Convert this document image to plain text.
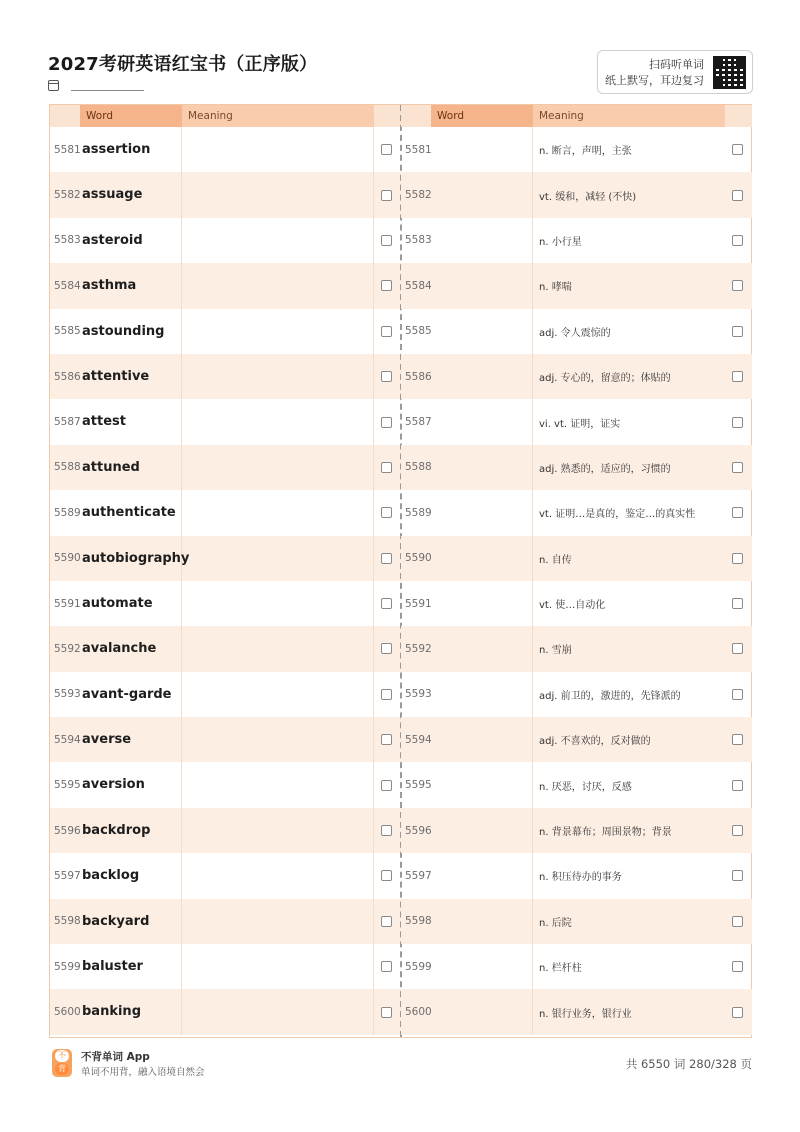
2027考研英语红宝书（正序版）	扫码听单词
纸上默写，耳边复习
Word	Meaning
5581 assertion
5582 assuage
5583 asteroid
5584 asthma
5585 astounding
5586 attentive
5587 attest
5588 attuned
5589 authenticate
5590 autobiography
5591 automate
5592 avalanche
5593 avant-garde
5594 averse
5595 aversion
5596 backdrop
5597 backlog
5598 backyard
5599 baluster
5600 banking
Word	Meaning
5581	n. 断言，声明，主张
5582	vt. 缓和，减轻 (不快)
5583	n. 小行星
5584	n. 哮喘
5585	adj. 令人震惊的
5586	adj. 专心的，留意的；体贴的
5587	vi. vt. 证明，证实
5588	adj. 熟悉的，适应的，习惯的
5589	vt. 证明…是真的，鉴定…的真实性
5590	n. 自传
5591	vt. 使…自动化
5592	n. 雪崩
5593	adj. 前卫的，激进的，先锋派的
5594	adj. 不喜欢的，反对做的
5595	n. 厌恶，讨厌，反感
5596	n. 背景幕布；周围景物；背景
5597	n. 积压待办的事务
5598	n. 后院
5599	n. 栏杆柱
5600	n. 银行业务，银行业
不 背
不背单词 App
单词不用背，融入语境自然会
共 6550 词 280/328 页
